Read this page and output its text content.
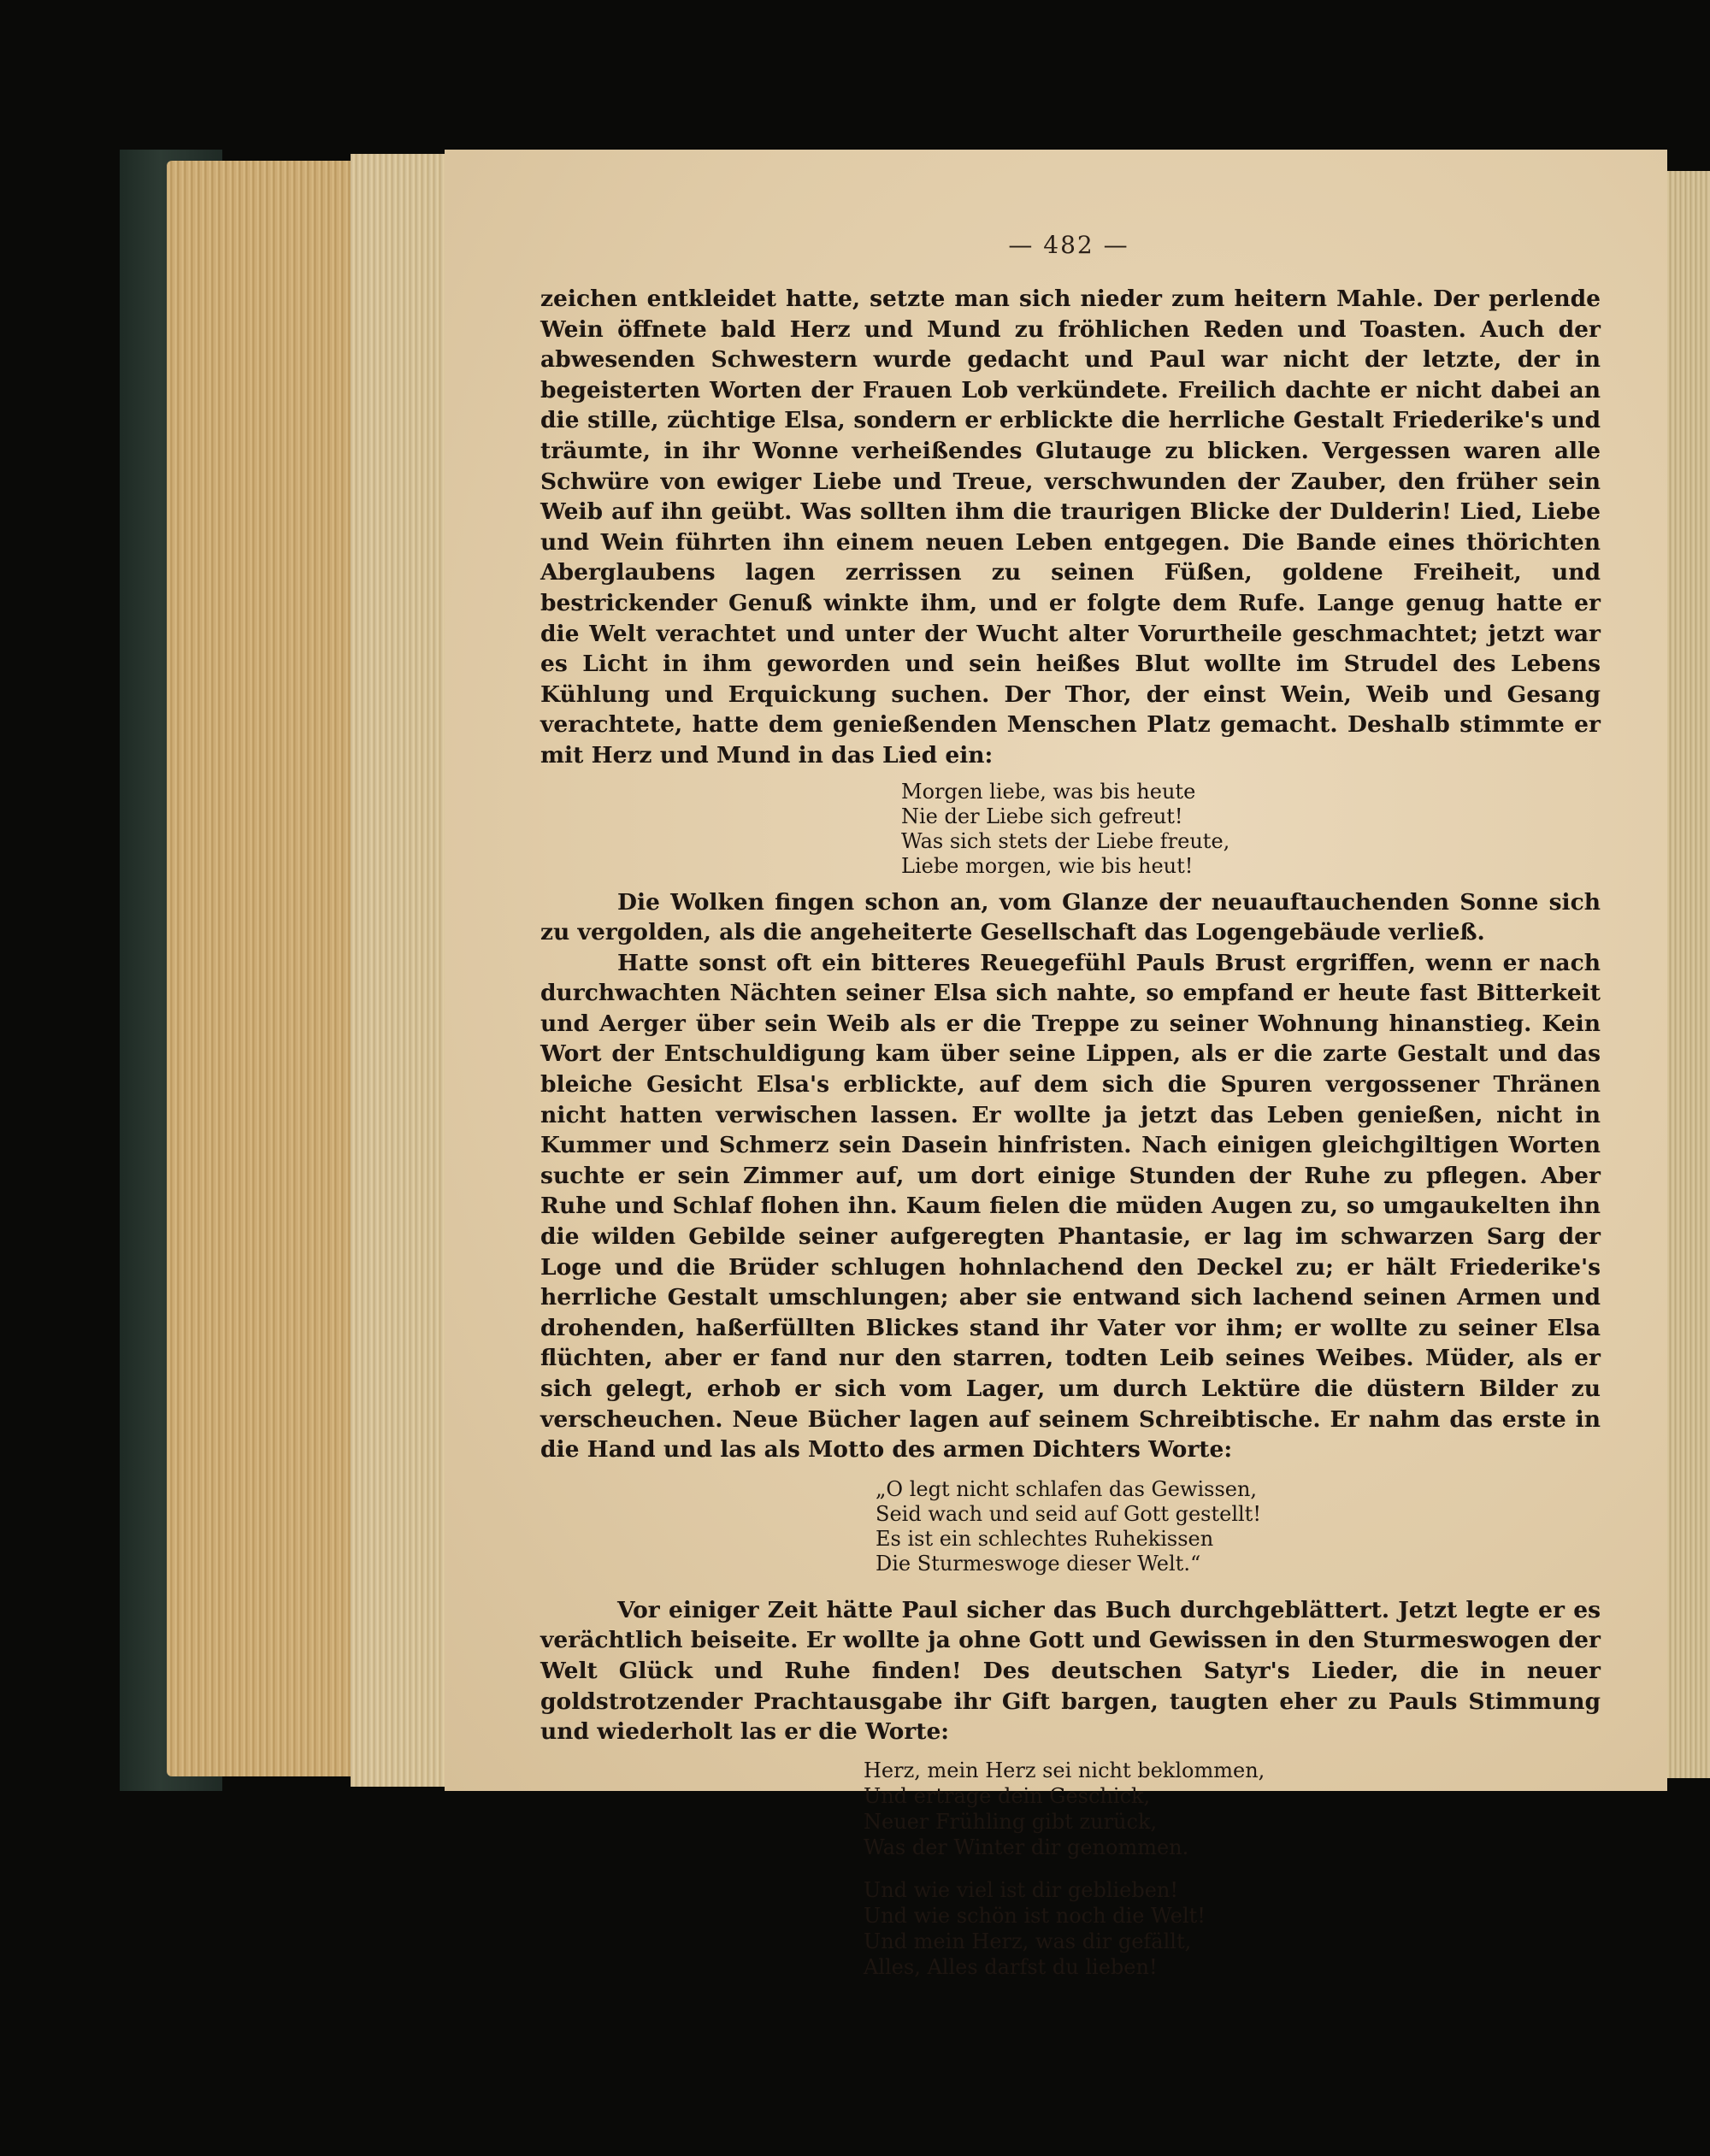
— 482 —

zeichen entkleidet hatte, setzte man sich nieder zum heitern Mahle. Der perlende Wein öffnete bald Herz und Mund zu fröhlichen Reden und Toasten. Auch der abwesenden Schwestern wurde gedacht und Paul war nicht der letzte, der in begeisterten Worten der Frauen Lob verkündete. Freilich dachte er nicht dabei an die stille, züchtige Elsa, sondern er erblickte die herrliche Gestalt Friederike's und träumte, in ihr Wonne verheißendes Glutauge zu blicken. Vergessen waren alle Schwüre von ewiger Liebe und Treue, verschwunden der Zauber, den früher sein Weib auf ihn geübt. Was sollten ihm die traurigen Blicke der Dulderin! Lied, Liebe und Wein führten ihn einem neuen Leben entgegen. Die Bande eines thörichten Aberglaubens lagen zerrissen zu seinen Füßen, goldene Freiheit, und bestrickender Genuß winkte ihm, und er folgte dem Rufe. Lange genug hatte er die Welt verachtet und unter der Wucht alter Vorurtheile geschmachtet; jetzt war es Licht in ihm geworden und sein heißes Blut wollte im Strudel des Lebens Kühlung und Erquickung suchen. Der Thor, der einst Wein, Weib und Gesang verachtete, hatte dem genießenden Menschen Platz gemacht. Deshalb stimmte er mit Herz und Mund in das Lied ein:

Morgen liebe, was bis heute
Nie der Liebe sich gefreut!
Was sich stets der Liebe freute,
Liebe morgen, wie bis heut!

Die Wolken fingen schon an, vom Glanze der neuauftauchenden Sonne sich zu vergolden, als die angeheiterte Gesellschaft das Logengebäude verließ.

Hatte sonst oft ein bitteres Reuegefühl Pauls Brust ergriffen, wenn er nach durchwachten Nächten seiner Elsa sich nahte, so empfand er heute fast Bitterkeit und Aerger über sein Weib als er die Treppe zu seiner Wohnung hinanstieg. Kein Wort der Entschuldigung kam über seine Lippen, als er die zarte Gestalt und das bleiche Gesicht Elsa's erblickte, auf dem sich die Spuren vergossener Thränen nicht hatten verwischen lassen. Er wollte ja jetzt das Leben genießen, nicht in Kummer und Schmerz sein Dasein hinfristen. Nach einigen gleichgiltigen Worten suchte er sein Zimmer auf, um dort einige Stunden der Ruhe zu pflegen. Aber Ruhe und Schlaf flohen ihn. Kaum fielen die müden Augen zu, so umgaukelten ihn die wilden Gebilde seiner aufgeregten Phantasie, er lag im schwarzen Sarg der Loge und die Brüder schlugen hohnlachend den Deckel zu; er hält Friederike's herrliche Gestalt umschlungen; aber sie entwand sich lachend seinen Armen und drohenden, haßerfüllten Blickes stand ihr Vater vor ihm; er wollte zu seiner Elsa flüchten, aber er fand nur den starren, todten Leib seines Weibes. Müder, als er sich gelegt, erhob er sich vom Lager, um durch Lektüre die düstern Bilder zu verscheuchen. Neue Bücher lagen auf seinem Schreibtische. Er nahm das erste in die Hand und las als Motto des armen Dichters Worte:

„O legt nicht schlafen das Gewissen,
Seid wach und seid auf Gott gestellt!
Es ist ein schlechtes Ruhekissen
Die Sturmeswoge dieser Welt.“

Vor einiger Zeit hätte Paul sicher das Buch durchgeblättert. Jetzt legte er es verächtlich beiseite. Er wollte ja ohne Gott und Gewissen in den Sturmeswogen der Welt Glück und Ruhe finden! Des deutschen Satyr's Lieder, die in neuer goldstrotzender Prachtausgabe ihr Gift bargen, taugten eher zu Pauls Stimmung und wiederholt las er die Worte:

Herz, mein Herz sei nicht beklommen,
Und ertrage dein Geschick,
Neuer Frühling gibt zurück,
Was der Winter dir genommen.
Und wie viel ist dir geblieben!
Und wie schön ist noch die Welt!
Und mein Herz, was dir gefällt,
Alles, Alles darfst du lieben!
